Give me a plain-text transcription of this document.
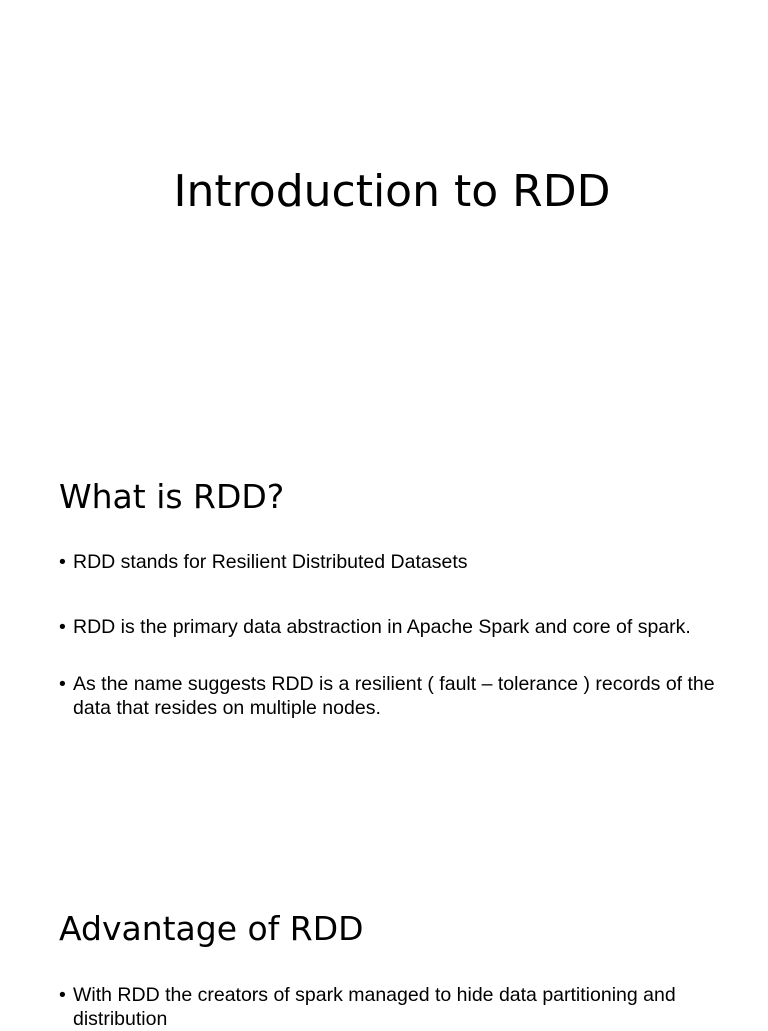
Introduction to RDD
What is RDD?
• RDD stands for Resilient Distributed Datasets
• RDD is the primary data abstraction in Apache Spark and core of spark.
• As the name suggests RDD is a resilient ( fault – tolerance ) records of the data that resides on multiple nodes.
Advantage of RDD
• With RDD the creators of spark managed to hide data partitioning and distribution
